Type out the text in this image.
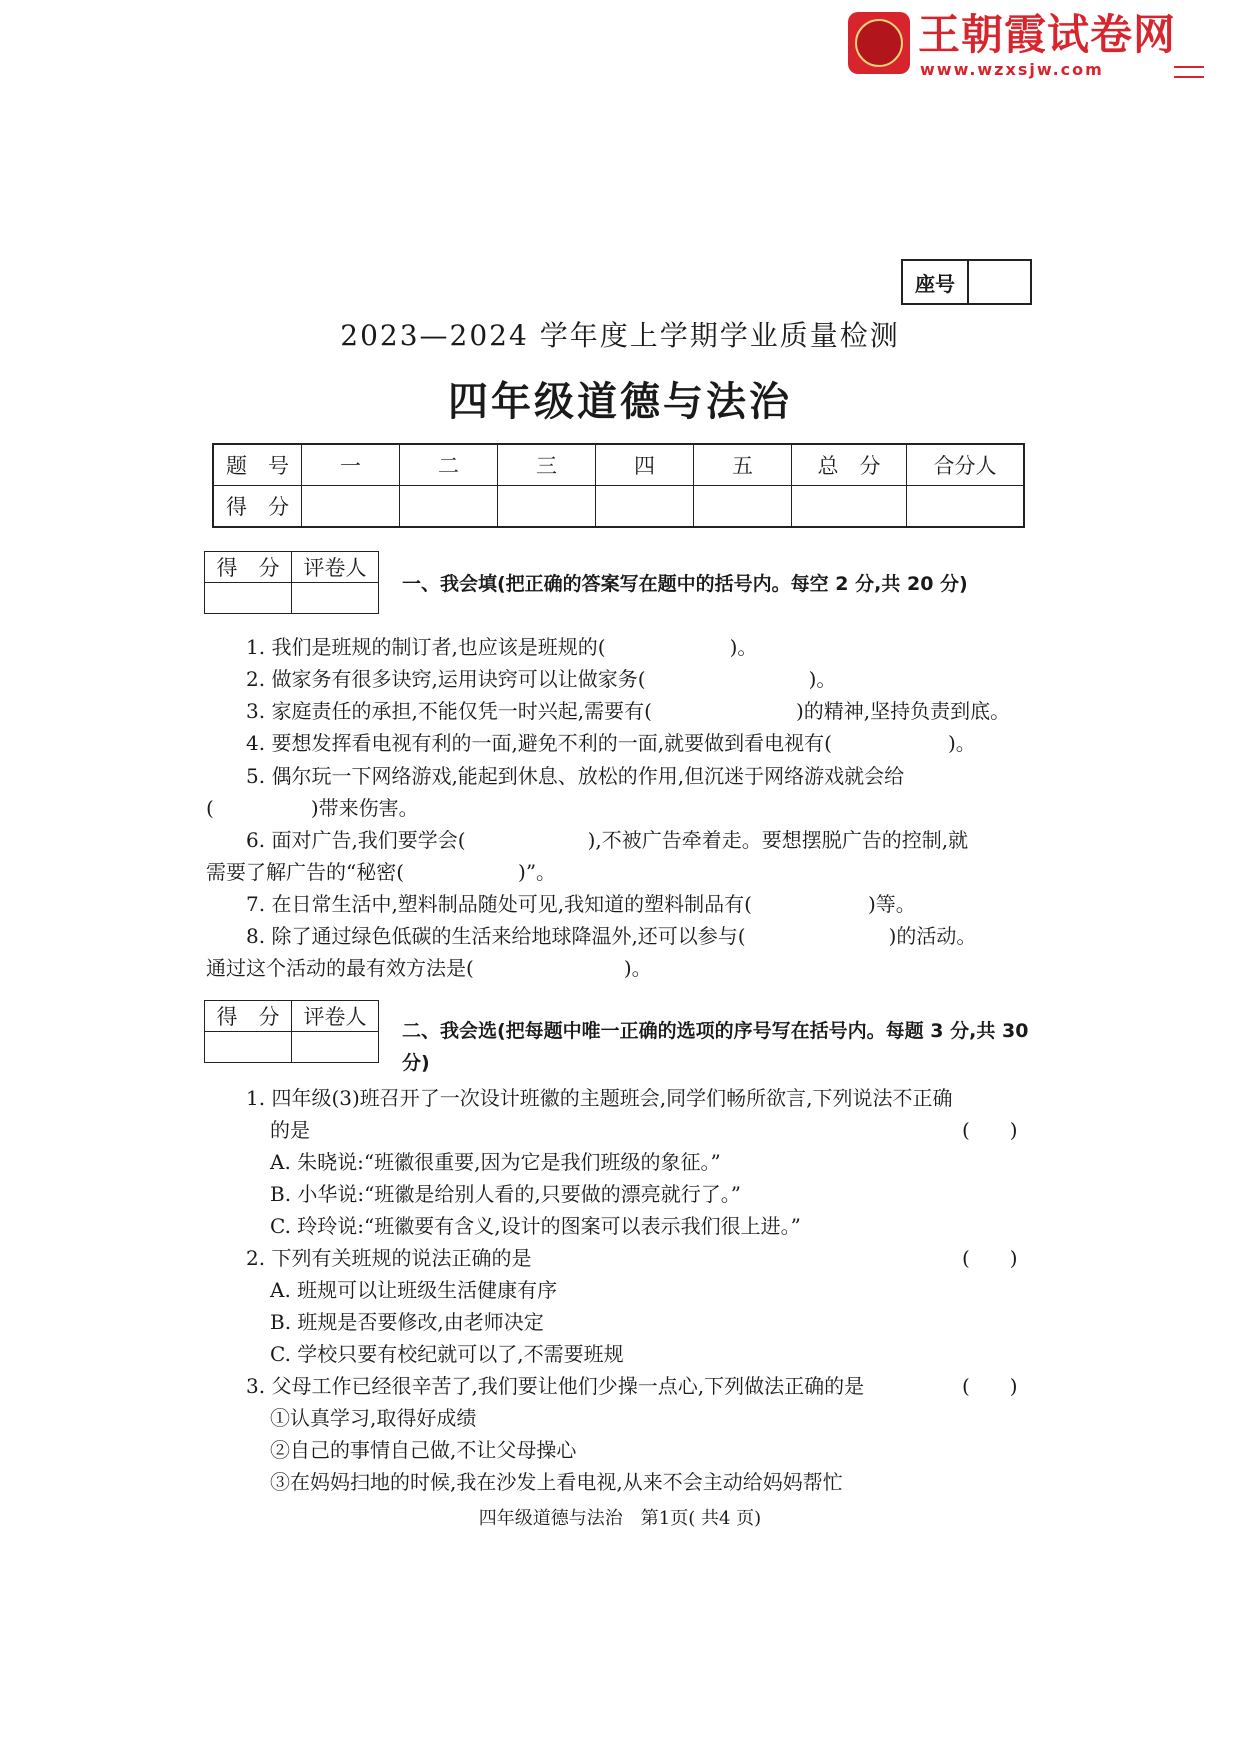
王朝霞试卷网
www.wzxsjw.com
座号
2023—2024 学年度上学期学业质量检测
四年级道德与法治
题　号	一	二	三	四	五	总　分	合分人
得　分							
得　分	评卷人

一、我会填(把正确的答案写在题中的括号内。每空 2 分,共 20 分)
1. 我们是班规的制订者,也应该是班规的(	)。
2. 做家务有很多诀窍,运用诀窍可以让做家务(	)。
3. 家庭责任的承担,不能仅凭一时兴起,需要有(	)的精神,坚持负责到底。
4. 要想发挥看电视有利的一面,避免不利的一面,就要做到看电视有(	)。
5. 偶尔玩一下网络游戏,能起到休息、放松的作用,但沉迷于网络游戏就会给
(	)带来伤害。
6. 面对广告,我们要学会(	),不被广告牵着走。要想摆脱广告的控制,就
需要了解广告的“秘密(	)”。
7. 在日常生活中,塑料制品随处可见,我知道的塑料制品有(	)等。
8. 除了通过绿色低碳的生活来给地球降温外,还可以参与(	)的活动。
通过这个活动的最有效方法是(	)。
得　分	评卷人

二、我会选(把每题中唯一正确的选项的序号写在括号内。每题 3 分,共 30 分)
1. 四年级(3)班召开了一次设计班徽的主题班会,同学们畅所欲言,下列说法不正确
的是	(　　)
A. 朱晓说:“班徽很重要,因为它是我们班级的象征。”
B. 小华说:“班徽是给别人看的,只要做的漂亮就行了。”
C. 玲玲说:“班徽要有含义,设计的图案可以表示我们很上进。”
2. 下列有关班规的说法正确的是	(　　)
A. 班规可以让班级生活健康有序
B. 班规是否要修改,由老师决定
C. 学校只要有校纪就可以了,不需要班规
3. 父母工作已经很辛苦了,我们要让他们少操一点心,下列做法正确的是	(　　)
①认真学习,取得好成绩
②自己的事情自己做,不让父母操心
③在妈妈扫地的时候,我在沙发上看电视,从来不会主动给妈妈帮忙
四年级道德与法治　第1页( 共4 页)
